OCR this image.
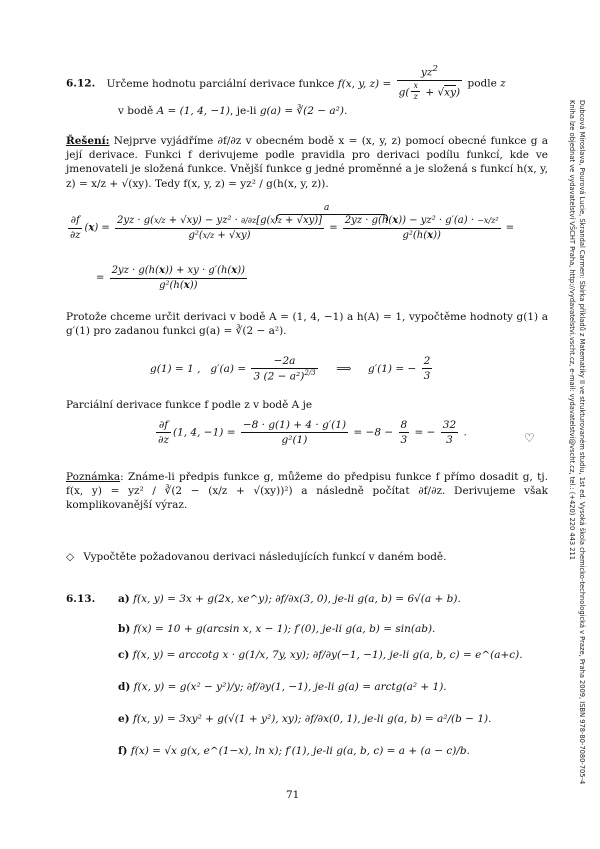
Dubcová Miroslava, Pourová Lucie, Skrandal Carmen: Sbírka příkladů z Matematiky II ve strukturovaném studiu, 1st ed. Vysoká škola chemicko-technologická v Praze, Praha 2009, ISBN 978-80-7080-705-4
Kniha lze objednat ve vydavatelství VŠCHT Praha, http://vydavatelstvi.vscht.cz, e-mail: vydavatelstvi@vscht.cz, tel.: (+420) 220 443 211
6.12. Určeme hodnotu parciální derivace funkce f(x, y, $z) = \frac{yz^2}{g( \frac{x}{z} + √xy)}$ podle z
v bodě A = (1, 4, −1), je-li g(a) = ∛(2 − a²).
Řešení: Nejprve vyjádříme ∂f/∂z v obecném bodě x = (x, y, z) pomocí obecné funkce g a její derivace. Funkci f derivujeme podle pravidla pro derivaci podílu funkcí, kde ve jmenovateli je složená funkce. Vnější funkce g jedné proměnné a je složená s funkcí h(x, y, z) = x/z + √(xy). Tedy f(x, y, z) = yz² / g(h(x, y, z)).
a
$\frac{\partial f}{\partial z} (x) = \frac{\text{2yz · g(x/z + √xy) − yz² · ∂/∂z[g(x/z + √xy)]}}{\text{g²(x/z + √xy)}} = \frac{\text{2yz · g(h(x)) − yz² · g′(a) · −x/z²}}{\text{g²(h(x))}}$ =
= $\frac{2yz \cdot g(h(x)) + xy \cdot g'(h(x))}{\text{g²(h(x))}}$
Protože chceme určit derivaci v bodě A = (1, 4, −1) a h(A) = 1, vypočtěme hodnoty g(1) a g′(1) pro zadanou funkci g(a) = ∛(2 − a²).
g(1) = 1 ,   $g'(a) = \frac{-2a}{3 (2 - a^2)^{2/3}}$ ⟹     g′(1) = − $\frac{2}{3}$
Parciální derivace funkce f podle z v bodě A je
$\frac{\partial f}{\partial z} (1$, 4, $-1) = \frac{-8 \cdot g(1) + 4 \cdot g'(1)}{\text{g²(1)}} = -8 - \frac{8}{3}$ = − $\frac{32}{3}$ .	♡
Poznámka: Známe-li předpis funkce g, můžeme do předpisu funkce f přímo dosadit g, tj. f(x, y) = yz² / ∛(2 − (x/z + √(xy))²) a následně počítat ∂f/∂z. Derivujeme však komplikovanější výraz.
◇ Vypočtěte požadovanou derivaci následujících funkcí v daném bodě.
6.13. a) f(x, y) = 3x + g(2x, xe^y); ∂f/∂x(3, 0), je-li g(a, b) = 6√(a + b).
b) f(x) = 10 + g(arcsin x, x − 1); f′(0), je-li g(a, b) = sin(ab).
c) f(x, y) = arccotg x · g(1/x, 7y, xy); ∂f/∂y(−1, −1), je-li g(a, b, c) = e^(a+c).
d) f(x, y) = g(x² − y²)/y; ∂f/∂y(1, −1), je-li g(a) = arctg(a² + 1).
e) f(x, y) = 3xy² + g(√(1 + y²), xy); ∂f/∂x(0, 1), je-li g(a, b) = a²/(b − 1).
f) f(x) = √x g(x, e^(1−x), ln x); f′(1), je-li g(a, b, c) = a + (a − c)/b.
71
